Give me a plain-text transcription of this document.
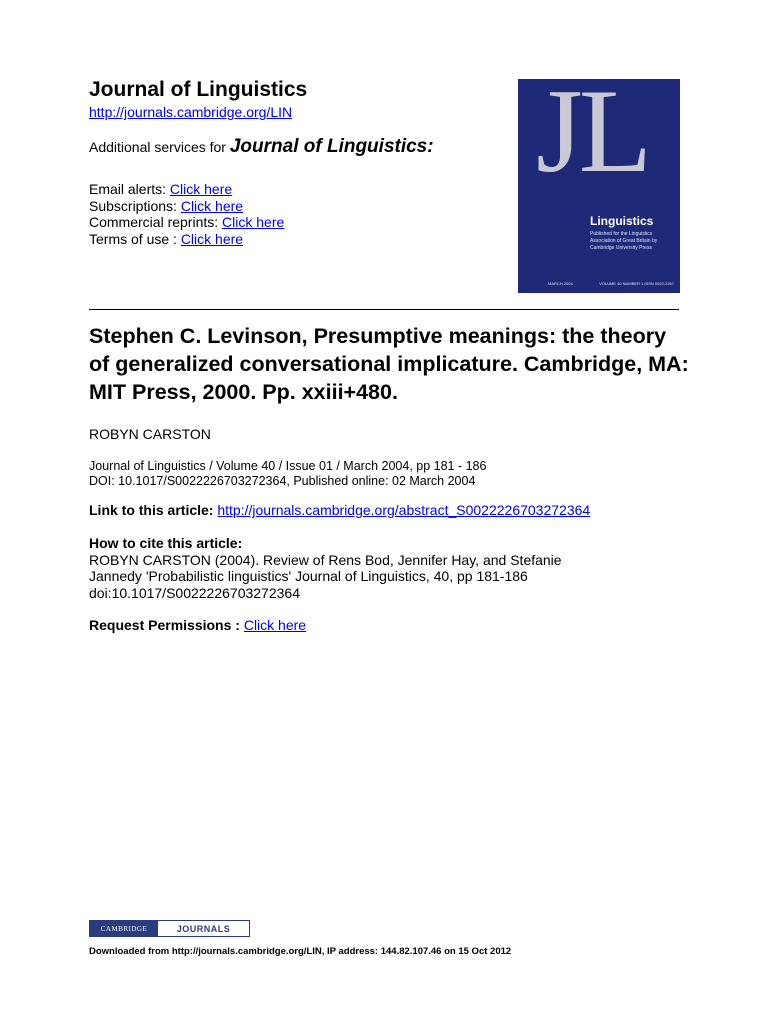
Journal of Linguistics
http://journals.cambridge.org/LIN
Additional services for Journal of Linguistics:
Email alerts: Click here
Subscriptions: Click here
Commercial reprints: Click here
Terms of use : Click here
JL
Linguistics
Published for the Linguistics Association of Great Britain by Cambridge University Press
MARCH 2004	VOLUME 40 NUMBER 1 ISSN 0022-2267
Stephen C. Levinson, Presumptive meanings: the theory of generalized conversational implicature. Cambridge, MA: MIT Press, 2000. Pp. xxiii+480.
ROBYN CARSTON
Journal of Linguistics / Volume 40 / Issue 01 / March 2004, pp 181 - 186
DOI: 10.1017/S0022226703272364, Published online: 02 March 2004
Link to this article: http://journals.cambridge.org/abstract_S0022226703272364
How to cite this article:
ROBYN CARSTON (2004). Review of Rens Bod, Jennifer Hay, and Stefanie
Jannedy 'Probabilistic linguistics' Journal of Linguistics, 40, pp 181-186
doi:10.1017/S0022226703272364
Request Permissions : Click here
CAMBRIDGE	JOURNALS
Downloaded from http://journals.cambridge.org/LIN, IP address: 144.82.107.46 on 15 Oct 2012
